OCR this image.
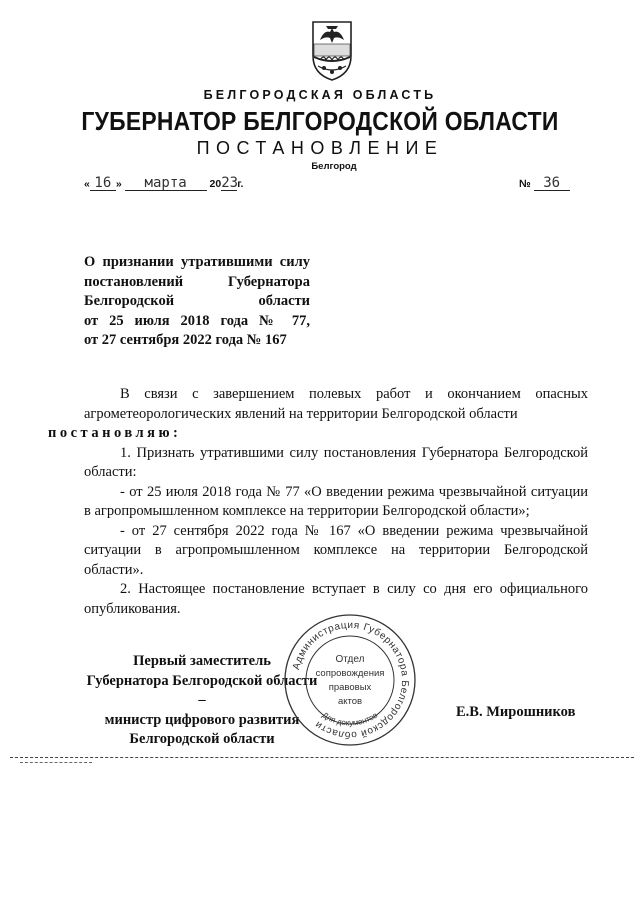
БЕЛГОРОДСКАЯ ОБЛАСТЬ
ГУБЕРНАТОР БЕЛГОРОДСКОЙ ОБЛАСТИ
ПОСТАНОВЛЕНИЕ
Белгород
« 16 » марта 2023г.	№ 36
О признании утратившими силу
постановлений Губернатора
Белгородской области
от 25 июля 2018 года № 77,
от 27 сентября 2022 года № 167

В связи с завершением полевых работ и окончанием опасных агрометеорологических явлений на территории Белгородской области
постановляю:

1. Признать утратившими силу постановления Губернатора Белгородской области:

- от 25 июля 2018 года № 77 «О введении режима чрезвычайной ситуации в агропромышленном комплексе на территории Белгородской области»;

- от 27 сентября 2022 года № 167 «О введении режима чрезвычайной ситуации в агропромышленном комплексе на территории Белгородской области».

2. Настоящее постановление вступает в силу со дня его официального опубликования.

Первый заместитель
Губернатора Белгородской области –
министр цифрового развития
Белгородской области
Е.В. Мирошников
Администрация Губернатора Белгородской области
Для документов
Отдел
сопровождения
правовых
актов
